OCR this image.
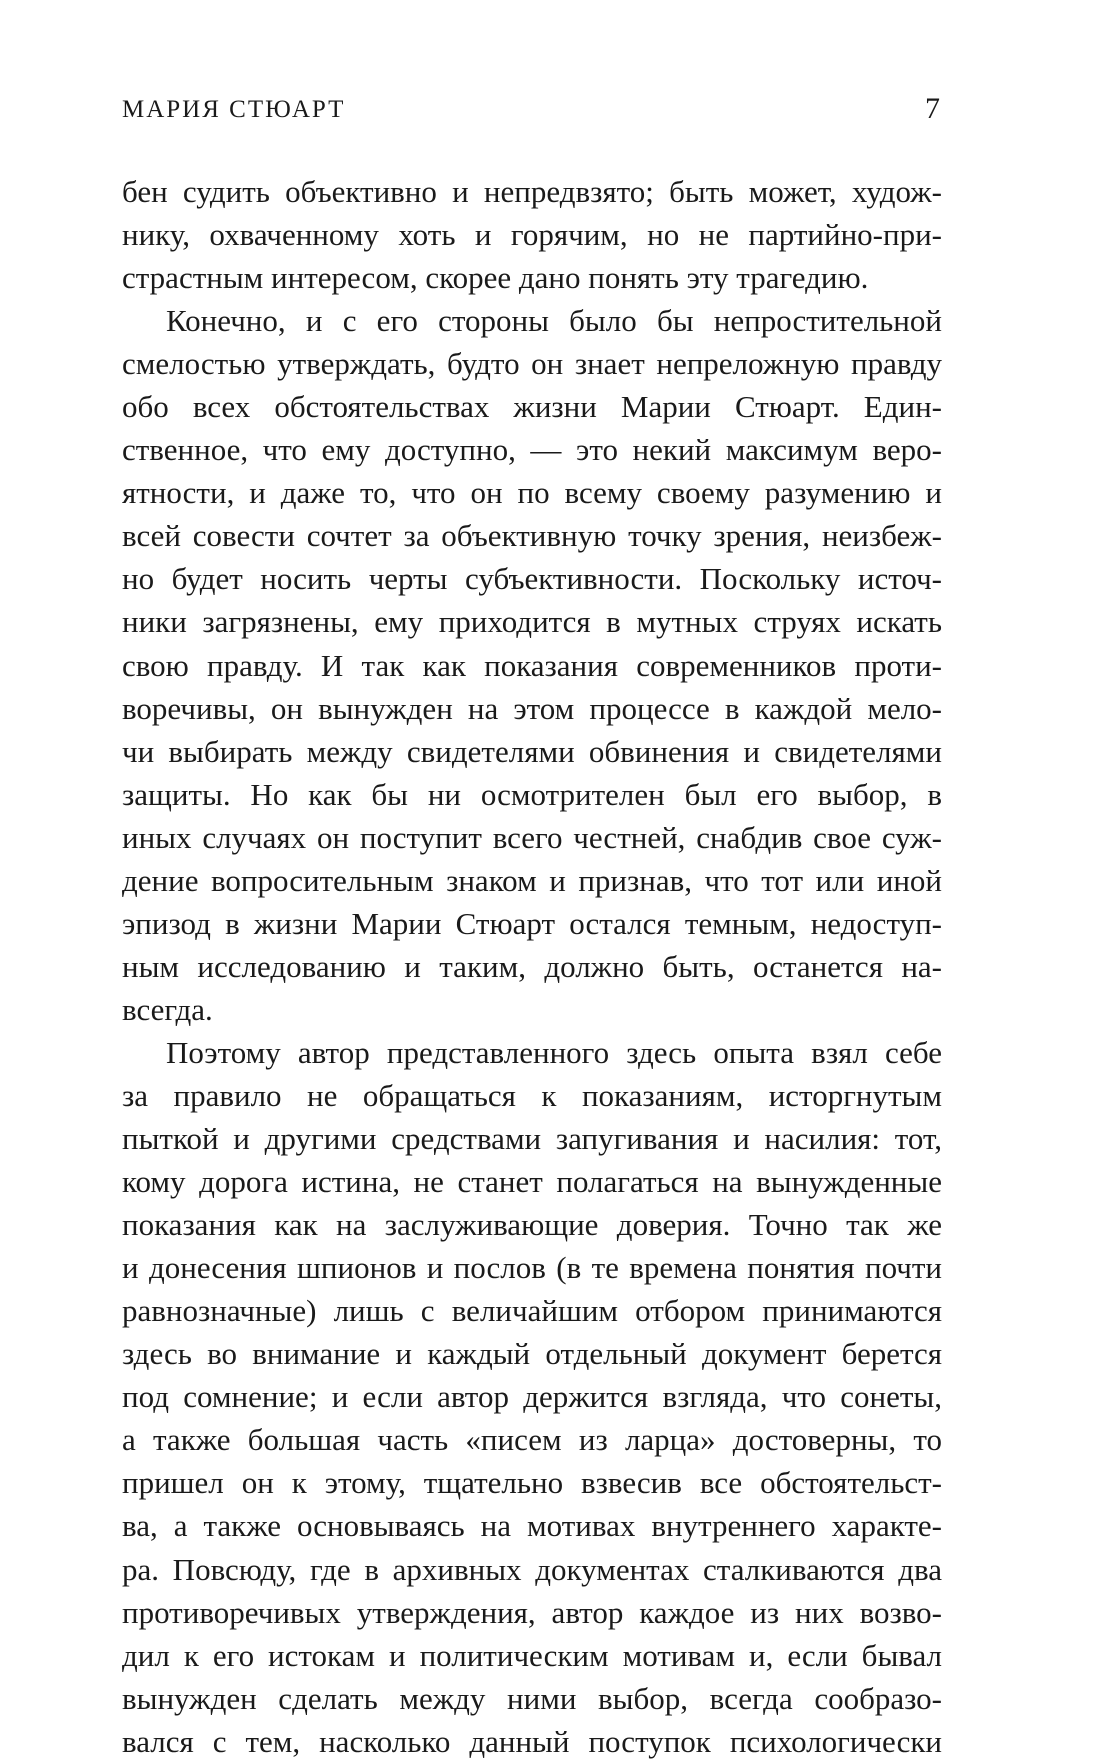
МАРИЯ СТЮАРТ	7
бен судить объективно и непредвзято; быть может, худож-
нику, охваченному хоть и горячим, но не партийно-при-
страстным интересом, скорее дано понять эту трагедию.
Конечно, и с его стороны было бы непростительной
смелостью утверждать, будто он знает непреложную правду
обо всех обстоятельствах жизни Марии Стюарт. Един-
ственное, что ему доступно, — это некий максимум веро-
ятности, и даже то, что он по всему своему разумению и
всей совести сочтет за объективную точку зрения, неизбеж-
но будет носить черты субъективности. Поскольку источ-
ники загрязнены, ему приходится в мутных струях искать
свою правду. И так как показания современников проти-
воречивы, он вынужден на этом процессе в каждой мело-
чи выбирать между свидетелями обвинения и свидетелями
защиты. Но как бы ни осмотрителен был его выбор, в
иных случаях он поступит всего честней, снабдив свое суж-
дение вопросительным знаком и признав, что тот или иной
эпизод в жизни Марии Стюарт остался темным, недоступ-
ным исследованию и таким, должно быть, останется на-
всегда.
Поэтому автор представленного здесь опыта взял себе
за правило не обращаться к показаниям, исторгнутым
пыткой и другими средствами запугивания и насилия: тот,
кому дорога истина, не станет полагаться на вынужденные
показания как на заслуживающие доверия. Точно так же
и донесения шпионов и послов (в те времена понятия почти
равнозначные) лишь с величайшим отбором принимаются
здесь во внимание и каждый отдельный документ берется
под сомнение; и если автор держится взгляда, что сонеты,
а также большая часть «писем из ларца» достоверны, то
пришел он к этому, тщательно взвесив все обстоятельст-
ва, а также основываясь на мотивах внутреннего характе-
ра. Повсюду, где в архивных документах сталкиваются два
противоречивых утверждения, автор каждое из них возво-
дил к его истокам и политическим мотивам и, если бывал
вынужден сделать между ними выбор, всегда сообразо-
вался с тем, насколько данный поступок психологически
